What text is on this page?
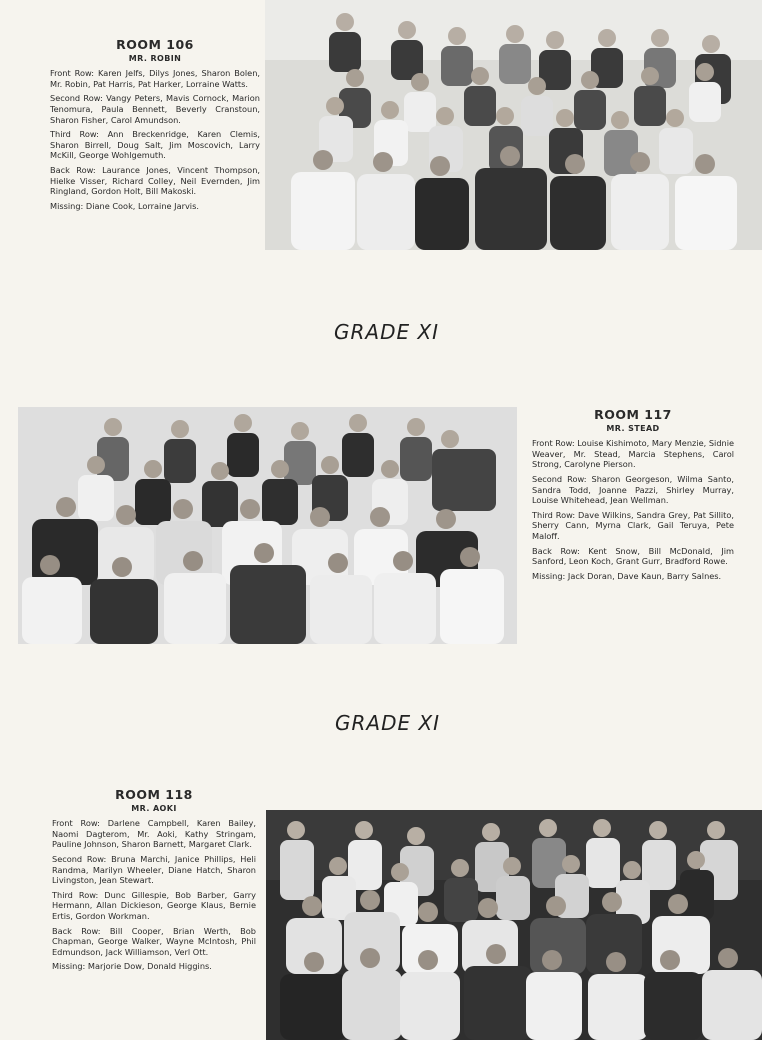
ROOM 106
MR. ROBIN
Front Row: Karen Jelfs, Dilys Jones, Sharon Bolen, Mr. Robin, Pat Harris, Pat Harker, Lorraine Watts.
Second Row: Vangy Peters, Mavis Cornock, Marion Tenomura, Paula Bennett, Beverly Cranstoun, Sharon Fisher, Carol Amundson.
Third Row: Ann Breckenridge, Karen Clemis, Sharon Birrell, Doug Salt, Jim Moscovich, Larry McKill, George Wohlgemuth.
Back Row: Laurance Jones, Vincent Thompson, Hielke Visser, Richard Colley, Neil Evernden, Jim Ringland, Gordon Holt, Bill Makoski.
Missing: Diane Cook, Lorraine Jarvis.
GRADE XI
ROOM 117
MR. STEAD
Front Row: Louise Kishimoto, Mary Menzie, Sidnie Weaver, Mr. Stead, Marcia Stephens, Carol Strong, Carolyne Pierson.
Second Row: Sharon Georgeson, Wilma Santo, Sandra Todd, Joanne Pazzi, Shirley Murray, Louise Whitehead, Jean Wellman.
Third Row: Dave Wilkins, Sandra Grey, Pat Sillito, Sherry Cann, Myrna Clark, Gail Teruya, Pete Maloff.
Back Row: Kent Snow, Bill McDonald, Jim Sanford, Leon Koch, Grant Gurr, Bradford Rowe.
Missing: Jack Doran, Dave Kaun, Barry Salnes.
GRADE XI
ROOM 118
MR. AOKI
Front Row: Darlene Campbell, Karen Bailey, Naomi Dagterom, Mr. Aoki, Kathy Stringam, Pauline Johnson, Sharon Barnett, Margaret Clark.
Second Row: Bruna Marchi, Janice Phillips, Heli Randma, Marilyn Wheeler, Diane Hatch, Sharon Livingston, Jean Stewart.
Third Row: Dunc Gillespie, Bob Barber, Garry Hermann, Allan Dickieson, George Klaus, Bernie Ertis, Gordon Workman.
Back Row: Bill Cooper, Brian Werth, Bob Chapman, George Walker, Wayne McIntosh, Phil Edmundson, Jack Williamson, Verl Ott.
Missing: Marjorie Dow, Donald Higgins.
